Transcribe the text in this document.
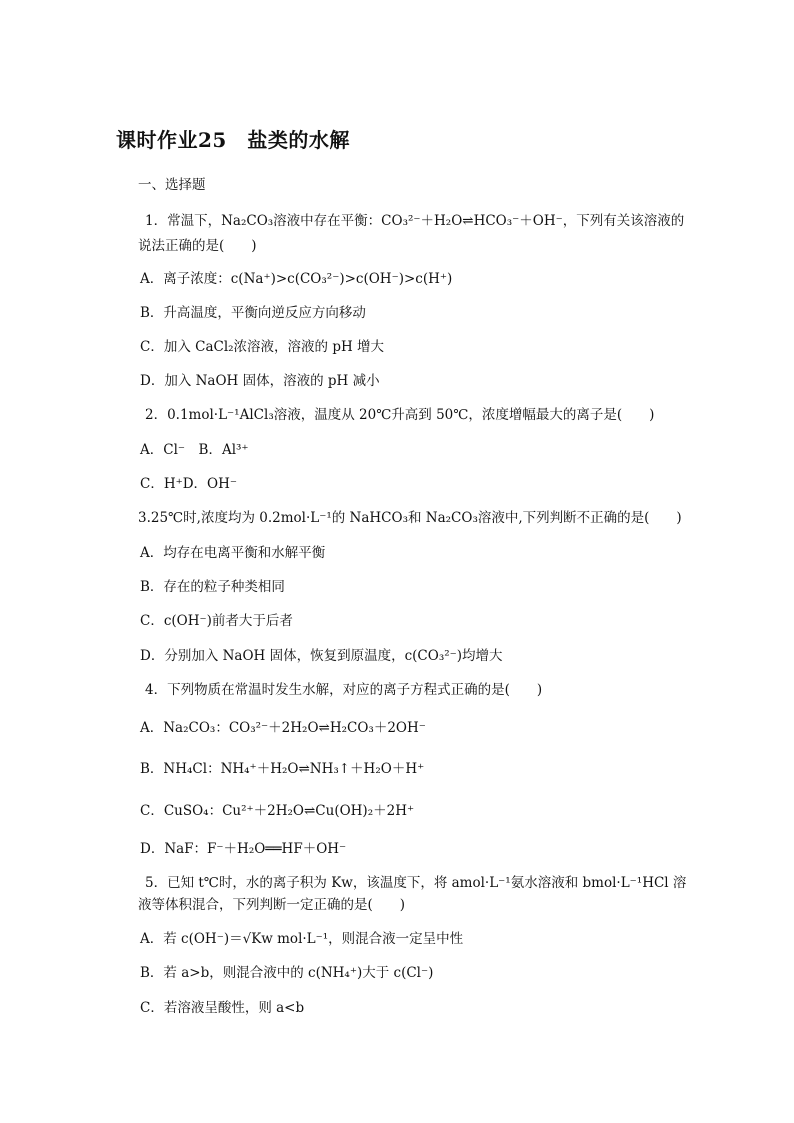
课时作业25　盐类的水解
一、选择题
1．常温下，Na₂CO₃溶液中存在平衡：CO₃²⁻＋H₂O⇌HCO₃⁻＋OH⁻，下列有关该溶液的
说法正确的是(　　)
A．离子浓度：c(Na⁺)>c(CO₃²⁻)>c(OH⁻)>c(H⁺)
B．升高温度，平衡向逆反应方向移动
C．加入 CaCl₂浓溶液，溶液的 pH 增大
D．加入 NaOH 固体，溶液的 pH 减小
2．0.1mol·L⁻¹AlCl₃溶液，温度从 20℃升高到 50℃，浓度增幅最大的离子是(　　)
A．Cl⁻　B．Al³⁺
C．H⁺D．OH⁻
3.25℃时,浓度均为 0.2mol·L⁻¹的 NaHCO₃和 Na₂CO₃溶液中,下列判断不正确的是(　　)
A．均存在电离平衡和水解平衡
B．存在的粒子种类相同
C．c(OH⁻)前者大于后者
D．分别加入 NaOH 固体，恢复到原温度，c(CO₃²⁻)均增大
4．下列物质在常温时发生水解，对应的离子方程式正确的是(　　)
A．Na₂CO₃：CO₃²⁻＋2H₂O⇌H₂CO₃＋2OH⁻
B．NH₄Cl：NH₄⁺＋H₂O⇌NH₃↑＋H₂O＋H⁺
C．CuSO₄：Cu²⁺＋2H₂O⇌Cu(OH)₂＋2H⁺
D．NaF：F⁻＋H₂O══HF＋OH⁻
5．已知 t℃时，水的离子积为 Kw，该温度下，将 amol·L⁻¹氨水溶液和 bmol·L⁻¹HCl 溶
液等体积混合，下列判断一定正确的是(　　)
A．若 c(OH⁻)＝√Kw mol·L⁻¹，则混合液一定呈中性
B．若 a>b，则混合液中的 c(NH₄⁺)大于 c(Cl⁻)
C．若溶液呈酸性，则 a<b
